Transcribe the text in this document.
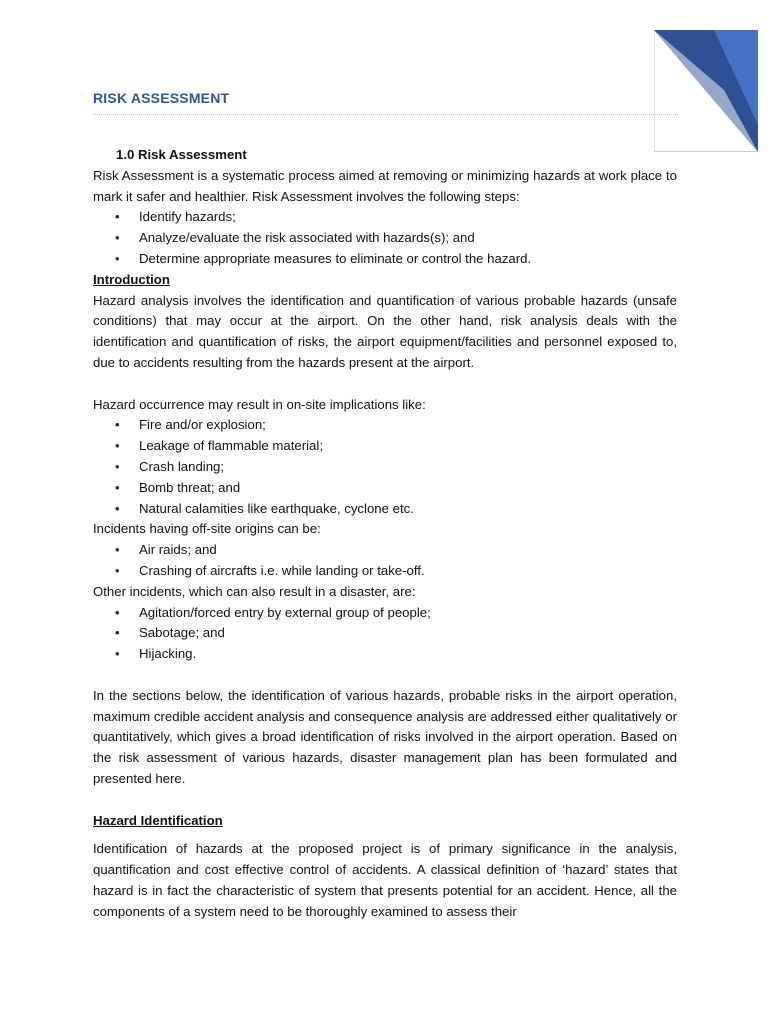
RISK ASSESSMENT

1.0 Risk Assessment

Risk Assessment is a systematic process aimed at removing or minimizing hazards at work place to mark it safer and healthier. Risk Assessment involves the following steps:

• Identify hazards;
• Analyze/evaluate the risk associated with hazards(s); and
• Determine appropriate measures to eliminate or control the hazard.

Introduction

Hazard analysis involves the identification and quantification of various probable hazards (unsafe conditions) that may occur at the airport. On the other hand, risk analysis deals with the identification and quantification of risks, the airport equipment/facilities and personnel exposed to, due to accidents resulting from the hazards present at the airport.

Hazard occurrence may result in on-site implications like:

• Fire and/or explosion;
• Leakage of flammable material;
• Crash landing;
• Bomb threat; and
• Natural calamities like earthquake, cyclone etc.

Incidents having off-site origins can be:

• Air raids; and
• Crashing of aircrafts i.e. while landing or take-off.

Other incidents, which can also result in a disaster, are:

• Agitation/forced entry by external group of people;
• Sabotage; and
• Hijacking.

In the sections below, the identification of various hazards, probable risks in the airport operation, maximum credible accident analysis and consequence analysis are addressed either qualitatively or quantitatively, which gives a broad identification of risks involved in the airport operation. Based on the risk assessment of various hazards, disaster management plan has been formulated and presented here.

Hazard Identification

Identification of hazards at the proposed project is of primary significance in the analysis, quantification and cost effective control of accidents. A classical definition of ‘hazard’ states that hazard is in fact the characteristic of system that presents potential for an accident. Hence, all the components of a system need to be thoroughly examined to assess their
